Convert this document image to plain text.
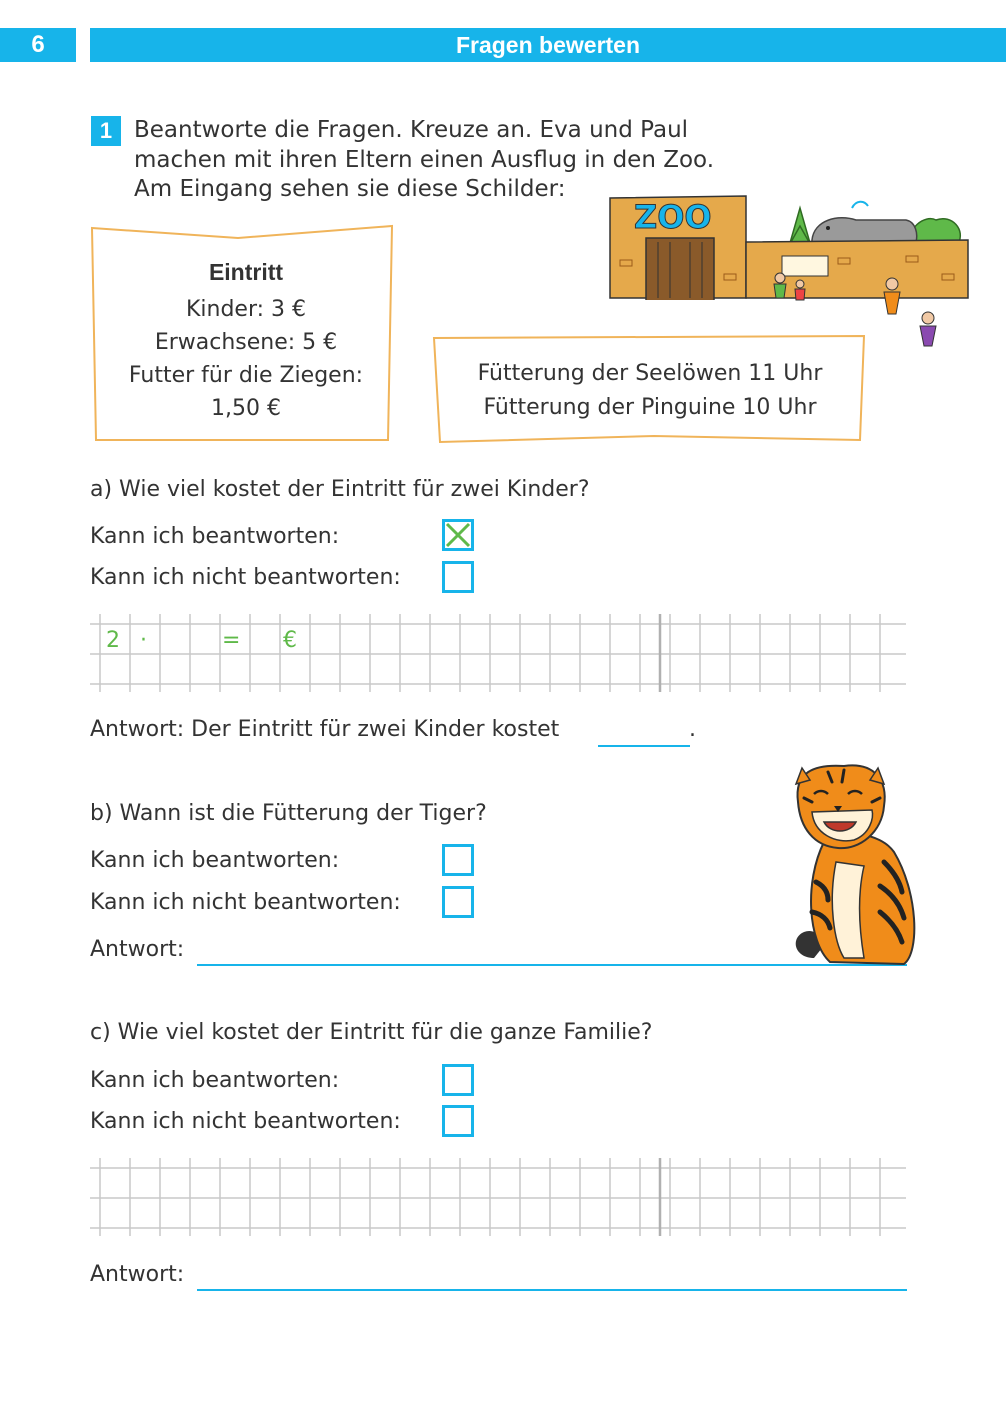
6	Fragen bewerten
1 Beantworte die Fragen. Kreuze an. Eva und Paul
machen mit ihren Eltern einen Ausflug in den Zoo.
Am Eingang sehen sie diese Schilder:
Eintritt
Kinder: 3 €
Erwachsene: 5 €
Futter für die Ziegen:
1,50 €
Fütterung der Seelöwen 11 Uhr
Fütterung der Pinguine 10 Uhr
ZOO
a) Wie viel kostet der Eintritt für zwei Kinder?
Kann ich beantworten:
Kann ich nicht beantworten:
2 ·	= €
Antwort: Der Eintritt für zwei Kinder kostet	.
b) Wann ist die Fütterung der Tiger?
Kann ich beantworten:
Kann ich nicht beantworten:
Antwort:
c) Wie viel kostet der Eintritt für die ganze Familie?
Kann ich beantworten:
Kann ich nicht beantworten:
Antwort:
